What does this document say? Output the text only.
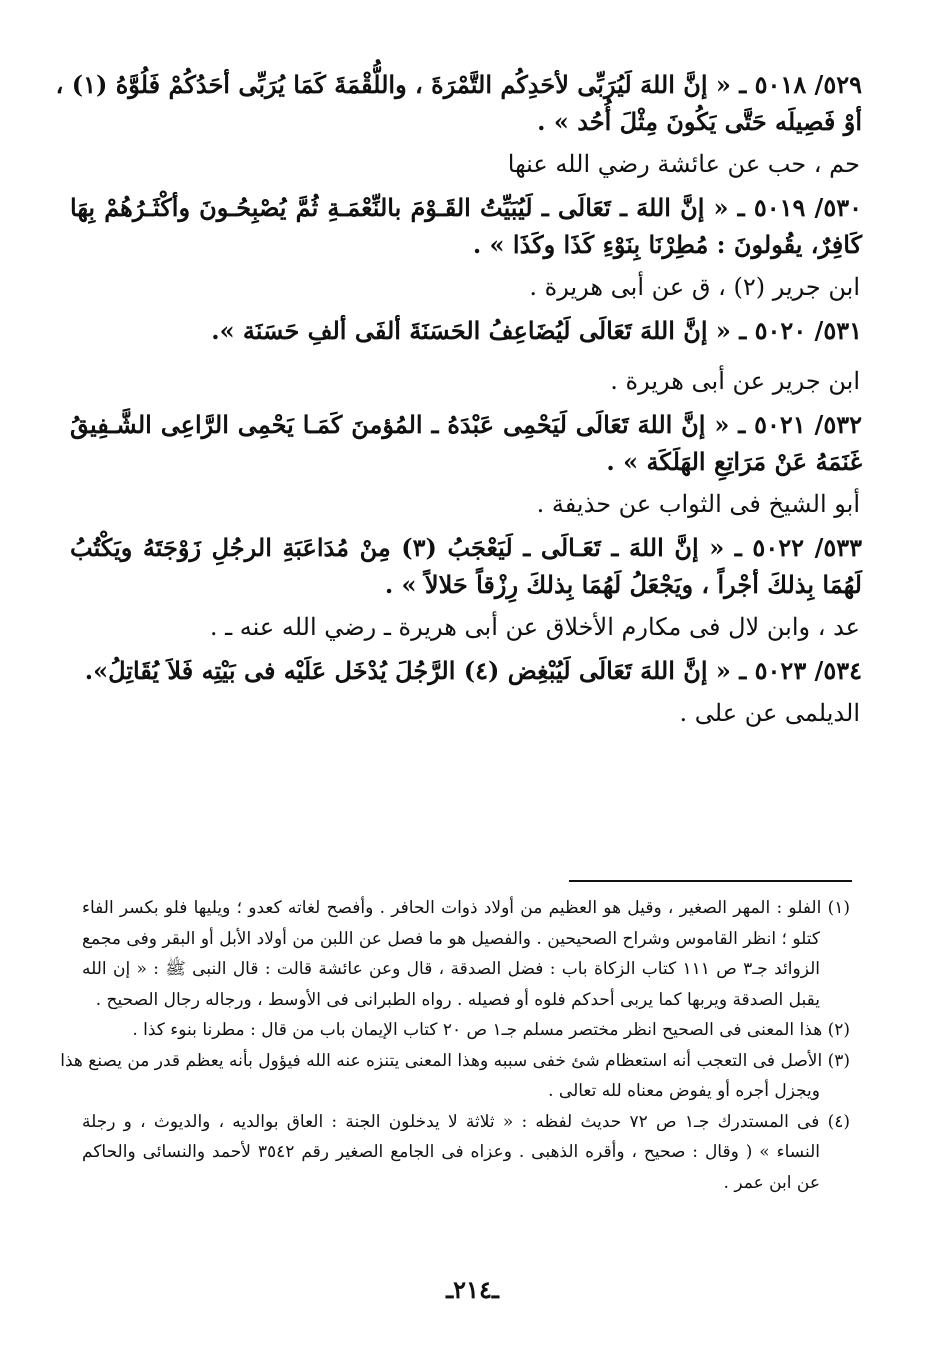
٥٢٩/ ٥٠١٨ ـ « إنَّ اللهَ لَيُرَبِّى لأحَدِكُم التَّمْرَةَ ، واللُّقْمَةَ كَمَا يُرَبِّى أحَدُكُمْ فَلُوَّهُ (١) ،
أوْ فَصِيلَه حَتَّى يَكُونَ مِثْلَ أُحُد » .
حم ، حب عن عائشة رضي الله عنها
٥٣٠/ ٥٠١٩ ـ « إنَّ اللهَ ـ تَعَالَى ـ لَيُبَيِّتُ القَـوْمَ بالنِّعْمَـةِ ثُمَّ يُصْبِحُـونَ وأكْثَـرُهُمْ بِهَا
كَافِرٌ، يقُولونَ : مُطِرْنَا بِنَوْءِ كَذَا وكَذَا » .
ابن جرير (٢) ، ق عن أبى هريرة .
٥٣١/ ٥٠٢٠ ـ « إنَّ اللهَ تَعَالَى لَيُضَاعِفُ الحَسَنَةَ ألفَى ألفِ حَسَنَة ».
ابن جرير عن أبى هريرة .
٥٣٢/ ٥٠٢١ ـ « إنَّ اللهَ تَعَالَى لَيَحْمِى عَبْدَهُ ـ المُؤمنَ كَمَـا يَحْمِى الرَّاعِى الشَّـفِيقُ
غَنَمَهُ عَنْ مَرَاتِعِ الهَلَكَة » .
أبو الشيخ فى الثواب عن حذيفة .
٥٣٣/ ٥٠٢٢ ـ « إنَّ اللهَ ـ تَعَـالَى ـ لَيَعْجَبُ (٣) مِنْ مُدَاعَبَةِ الرجُلِ زَوْجَتَهُ ويَكْتُبُ
لَهُمَا بِذلكَ أجْراً ، ويَجْعَلُ لَهُمَا بِذلكَ رِزْقاً حَلالاً » .
عد ، وابن لال فى مكارم الأخلاق عن أبى هريرة ـ رضي الله عنه ـ .
٥٣٤/ ٥٠٢٣ ـ « إنَّ اللهَ تَعَالَى لَيُبْغِض (٤) الرَّجُلَ يُدْخَل عَلَيْه فى بَيْتِه فَلاَ يُقَاتِلُ».
الديلمى عن على .
(١) الفلو : المهر الصغير ، وقيل هو العظيم من أولاد ذوات الحافر . وأفصح لغاته كعدو ؛ ويليها فلو بكسر الفاء
كتلو ؛ انظر القاموس وشراح الصحيحين . والفصيل هو ما فصل عن اللبن من أولاد الأبل أو البقر وفى مجمع
الزوائد جـ٣ ص ١١١ كتاب الزكاة باب : فضل الصدقة ، قال وعن عائشة قالت : قال النبى ﷺ : « إن الله
يقبل الصدقة ويربها كما يربى أحدكم فلوه أو فصيله . رواه الطبرانى فى الأوسط ، ورجاله رجال الصحيح .
(٢) هذا المعنى فى الصحيح انظر مختصر مسلم جـ١ ص ٢٠ كتاب الإيمان باب من قال : مطرنا بنوء كذا .
(٣) الأصل فى التعجب أنه استعظام شئ خفى سببه وهذا المعنى يتنزه عنه الله فيؤول بأنه يعظم قدر من يصنع هذا
ويجزل أجره أو يفوض معناه لله تعالى .
(٤) فى المستدرك جـ١ ص ٧٢ حديث لفظه : « ثلاثة لا يدخلون الجنة : العاق بوالديه ، والديوث ، و رجلة
النساء » ( وقال : صحيح ، وأقره الذهبى . وعزاه فى الجامع الصغير رقم ٣٥٤٢ لأحمد والنسائى والحاكم
عن ابن عمر .
ـ٢١٤ـ
